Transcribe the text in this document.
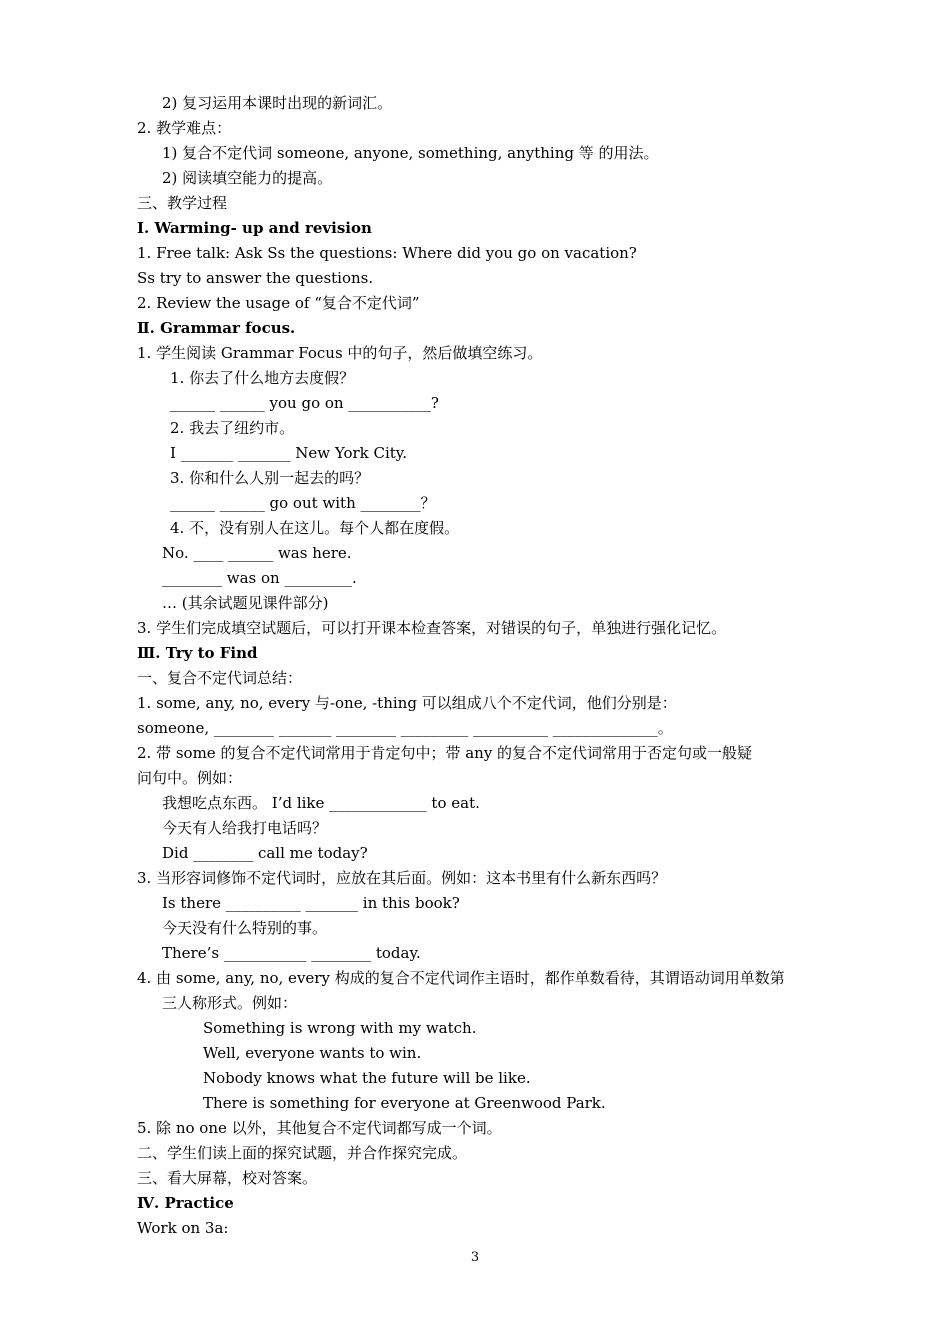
2) 复习运用本课时出现的新词汇。

2. 教学难点：

1) 复合不定代词 someone, anyone, something, anything 等 的用法。

2) 阅读填空能力的提高。

三、教学过程

Ⅰ. Warming- up and revision

1. Free talk: Ask Ss the questions: Where did you go on vacation?

Ss try to answer the questions.

2. Review the usage of “复合不定代词”

Ⅱ. Grammar focus.

1. 学生阅读 Grammar Focus 中的句子，然后做填空练习。

1. 你去了什么地方去度假？

______ ______ you go on ___________?

2. 我去了纽约市。

I _______ _______ New York City.

3. 你和什么人别一起去的吗？

______ ______ go out with ________？

4. 不，没有别人在这儿。每个人都在度假。

No. ____ ______ was here.

________ was on _________.

… (其余试题见课件部分)

3. 学生们完成填空试题后，可以打开课本检查答案，对错误的句子，单独进行强化记忆。

Ⅲ. Try to Find

一、复合不定代词总结：

1. some, any, no, every 与-one, -thing 可以组成八个不定代词，他们分别是：

someone, ________ _______ ________ _________ __________ ______________。

2. 带 some 的复合不定代词常用于肯定句中；带 any 的复合不定代词常用于否定句或一般疑

问句中。例如：

我想吃点东西。 I’d like _____________ to eat.

今天有人给我打电话吗？

Did ________ call me today?

3. 当形容词修饰不定代词时，应放在其后面。例如：这本书里有什么新东西吗？

Is there __________ _______ in this book?

今天没有什么特别的事。

There’s ___________ ________ today.

4. 由 some, any, no, every 构成的复合不定代词作主语时，都作单数看待，其谓语动词用单数第

三人称形式。例如：

Something is wrong with my watch.

Well, everyone wants to win.

Nobody knows what the future will be like.

There is something for everyone at Greenwood Park.

5. 除 no one 以外，其他复合不定代词都写成一个词。

二、学生们读上面的探究试题，并合作探究完成。

三、看大屏幕，校对答案。

Ⅳ. Practice

Work on 3a:

3
